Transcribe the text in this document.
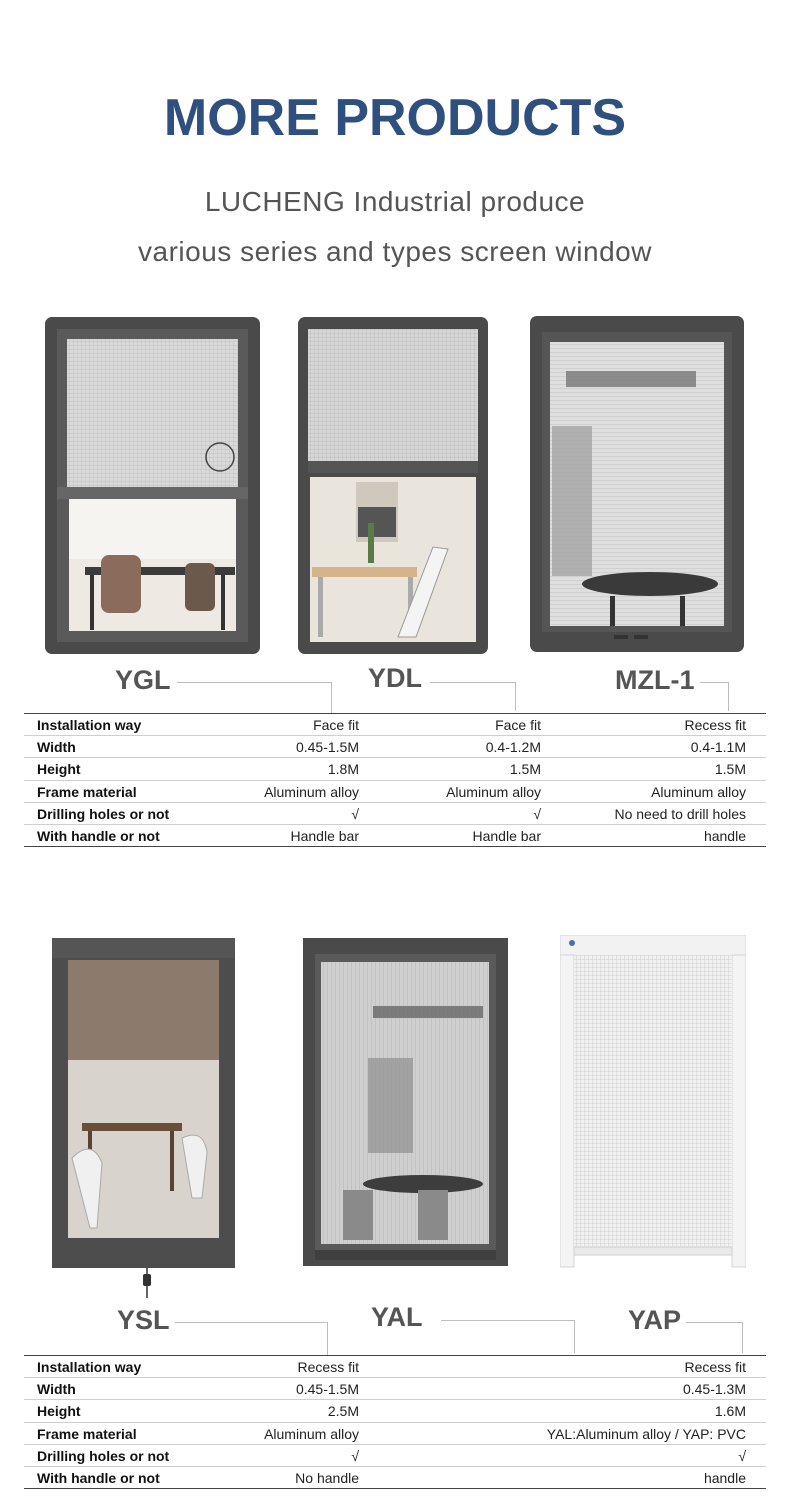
MORE PRODUCTS

LUCHENG Industrial produce

various series and types screen window

YGL	YDL	MZL-1

Installation way	Face fit	Face fit	Recess fit
Width	0.45-1.5M	0.4-1.2M	0.4-1.1M
Height	1.8M	1.5M	1.5M
Frame material	Aluminum alloy	Aluminum alloy	Aluminum alloy
Drilling holes or not	√	√	No need to drill holes
With handle or not	Handle bar	Handle bar	handle

YSL	YAL	YAP

Installation way	Recess fit	Recess fit
Width	0.45-1.5M	0.45-1.3M
Height	2.5M	1.6M
Frame material	Aluminum alloy	YAL:Aluminum alloy / YAP: PVC
Drilling holes or not	√	√
With handle or not	No handle	handle
